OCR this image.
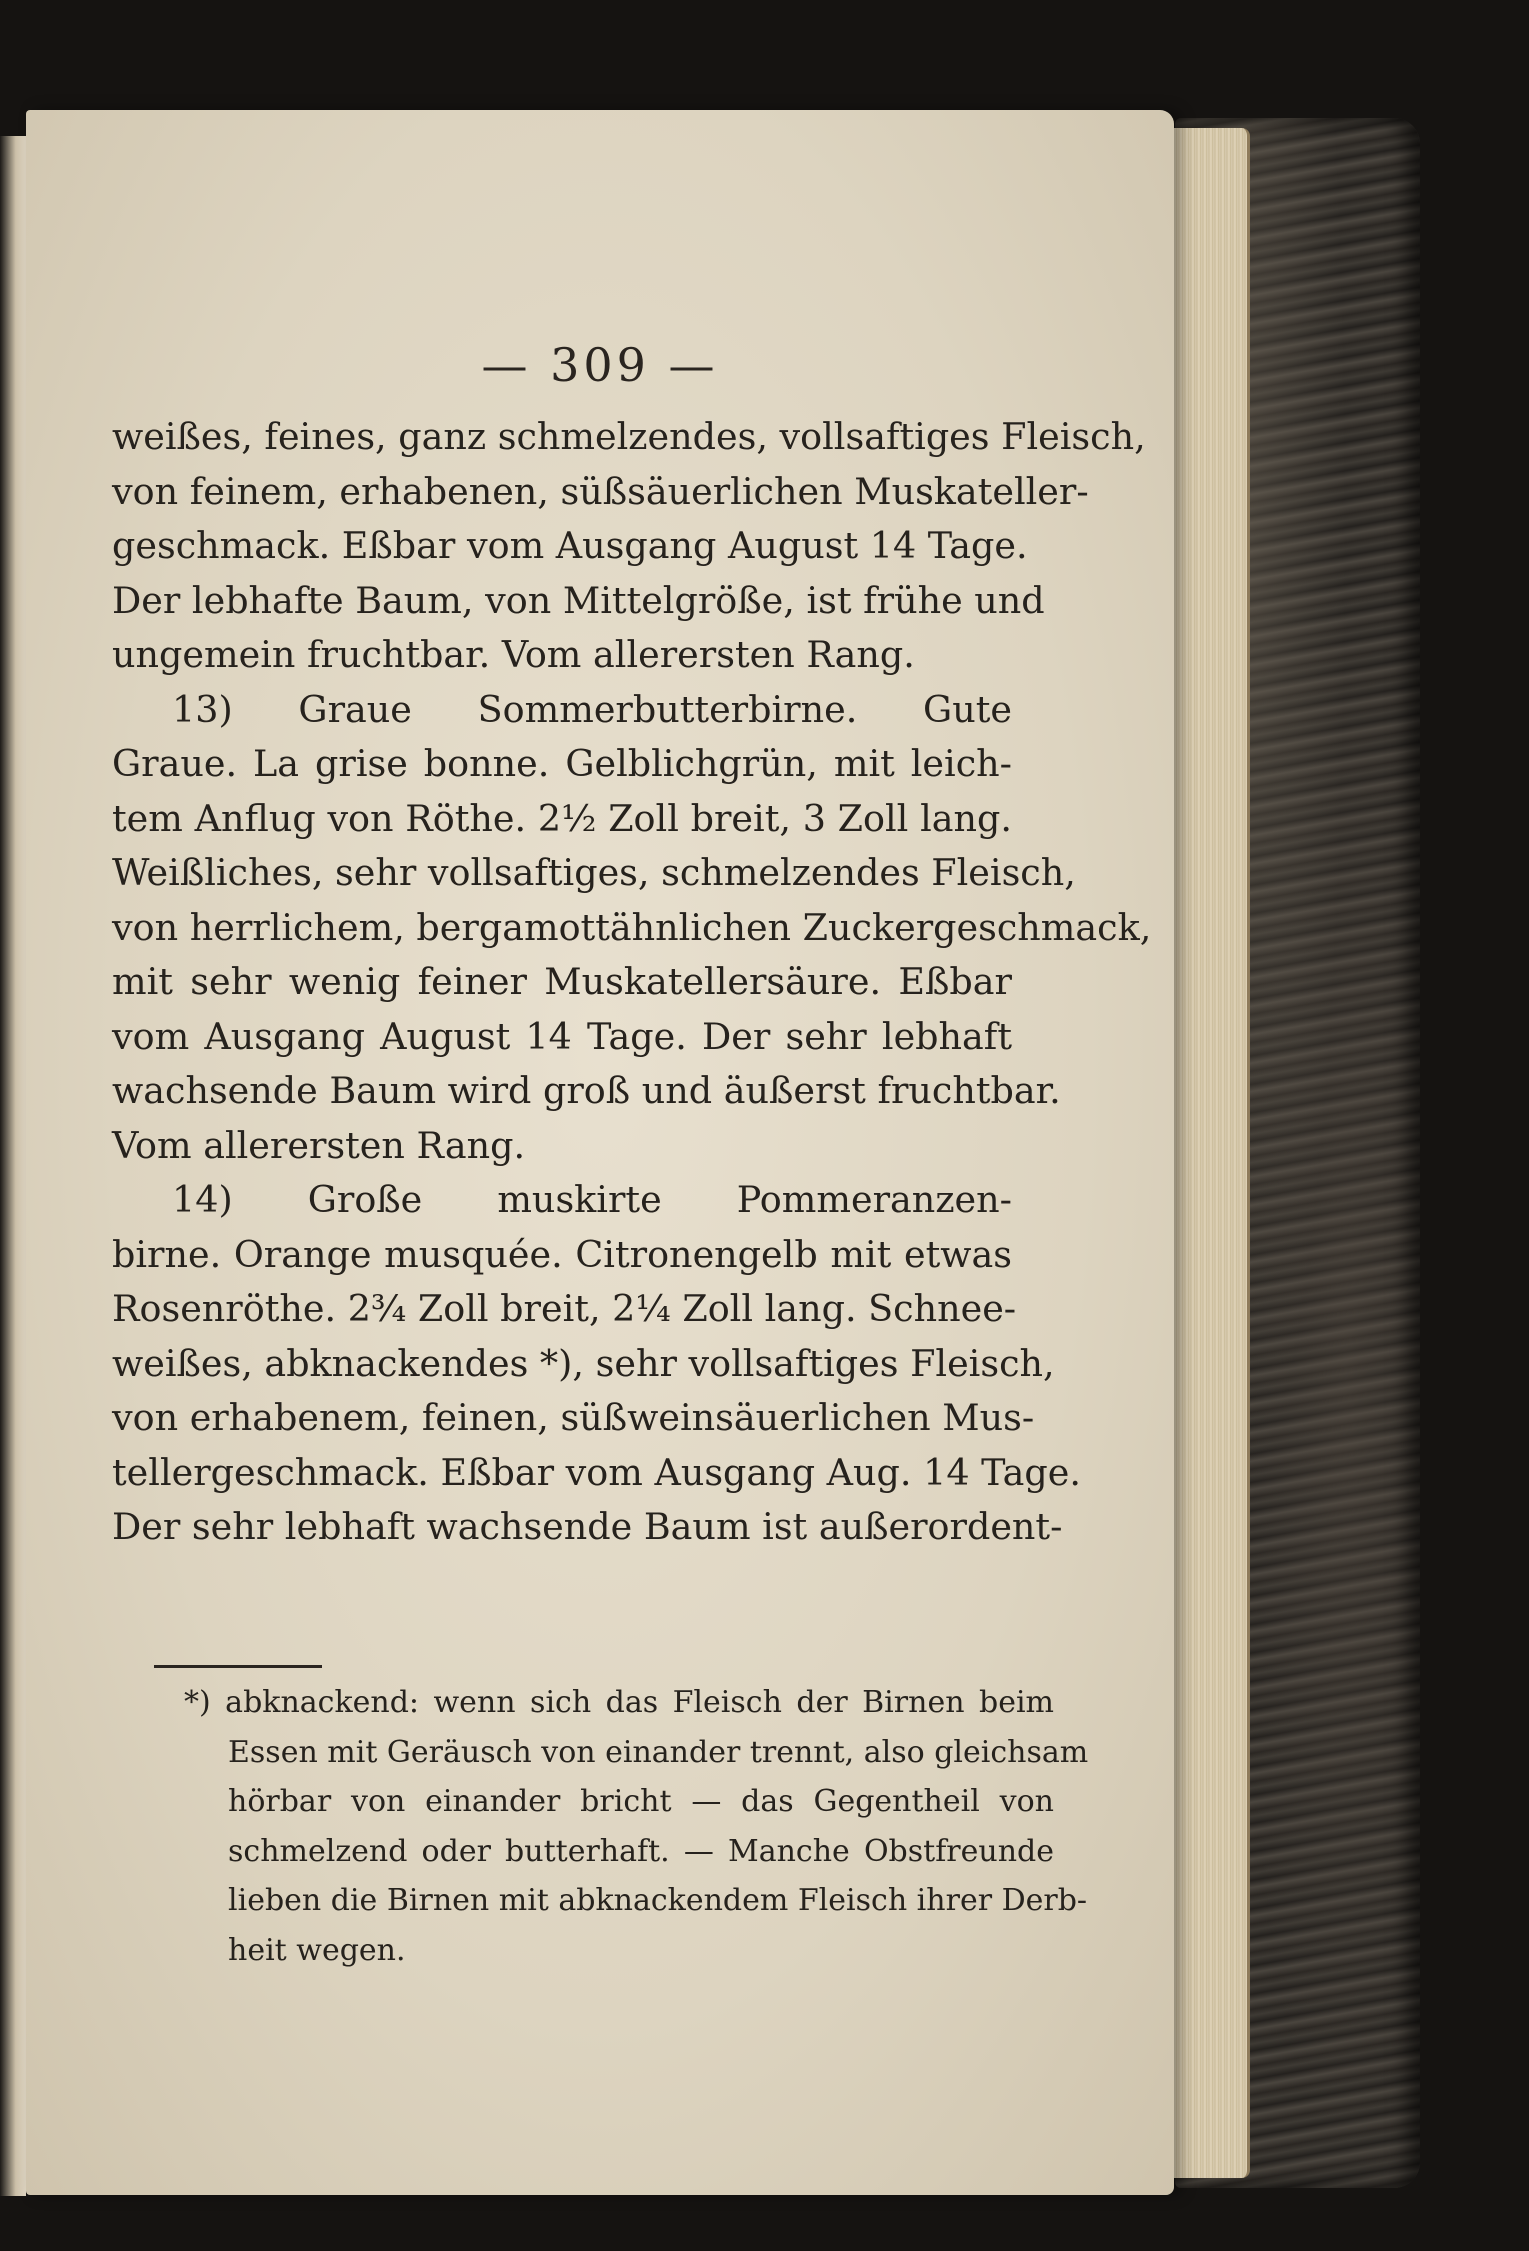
— 309 —
weißes, feines, ganz schmelzendes, vollsaftiges Fleisch,
von feinem, erhabenen, süßsäuerlichen Muskateller-
geschmack. Eßbar vom Ausgang August 14 Tage.
Der lebhafte Baum, von Mittelgröße, ist frühe und
ungemein fruchtbar. Vom allerersten Rang.
13) Graue Sommerbutterbirne. Gute
Graue. La grise bonne. Gelblichgrün, mit leich-
tem Anflug von Röthe. 2½ Zoll breit, 3 Zoll lang.
Weißliches, sehr vollsaftiges, schmelzendes Fleisch,
von herrlichem, bergamottähnlichen Zuckergeschmack,
mit sehr wenig feiner Muskatellersäure. Eßbar
vom Ausgang August 14 Tage. Der sehr lebhaft
wachsende Baum wird groß und äußerst fruchtbar.
Vom allerersten Rang.
14) Große muskirte Pommeranzen-
birne. Orange musquée. Citronengelb mit etwas
Rosenröthe. 2¾ Zoll breit, 2¼ Zoll lang. Schnee-
weißes, abknackendes *), sehr vollsaftiges Fleisch,
von erhabenem, feinen, süßweinsäuerlichen Mus-
tellergeschmack. Eßbar vom Ausgang Aug. 14 Tage.
Der sehr lebhaft wachsende Baum ist außerordent-
*) abknackend: wenn sich das Fleisch der Birnen beim
Essen mit Geräusch von einander trennt, also gleichsam
hörbar von einander bricht — das Gegentheil von
schmelzend oder butterhaft. — Manche Obstfreunde
lieben die Birnen mit abknackendem Fleisch ihrer Derb-
heit wegen.
